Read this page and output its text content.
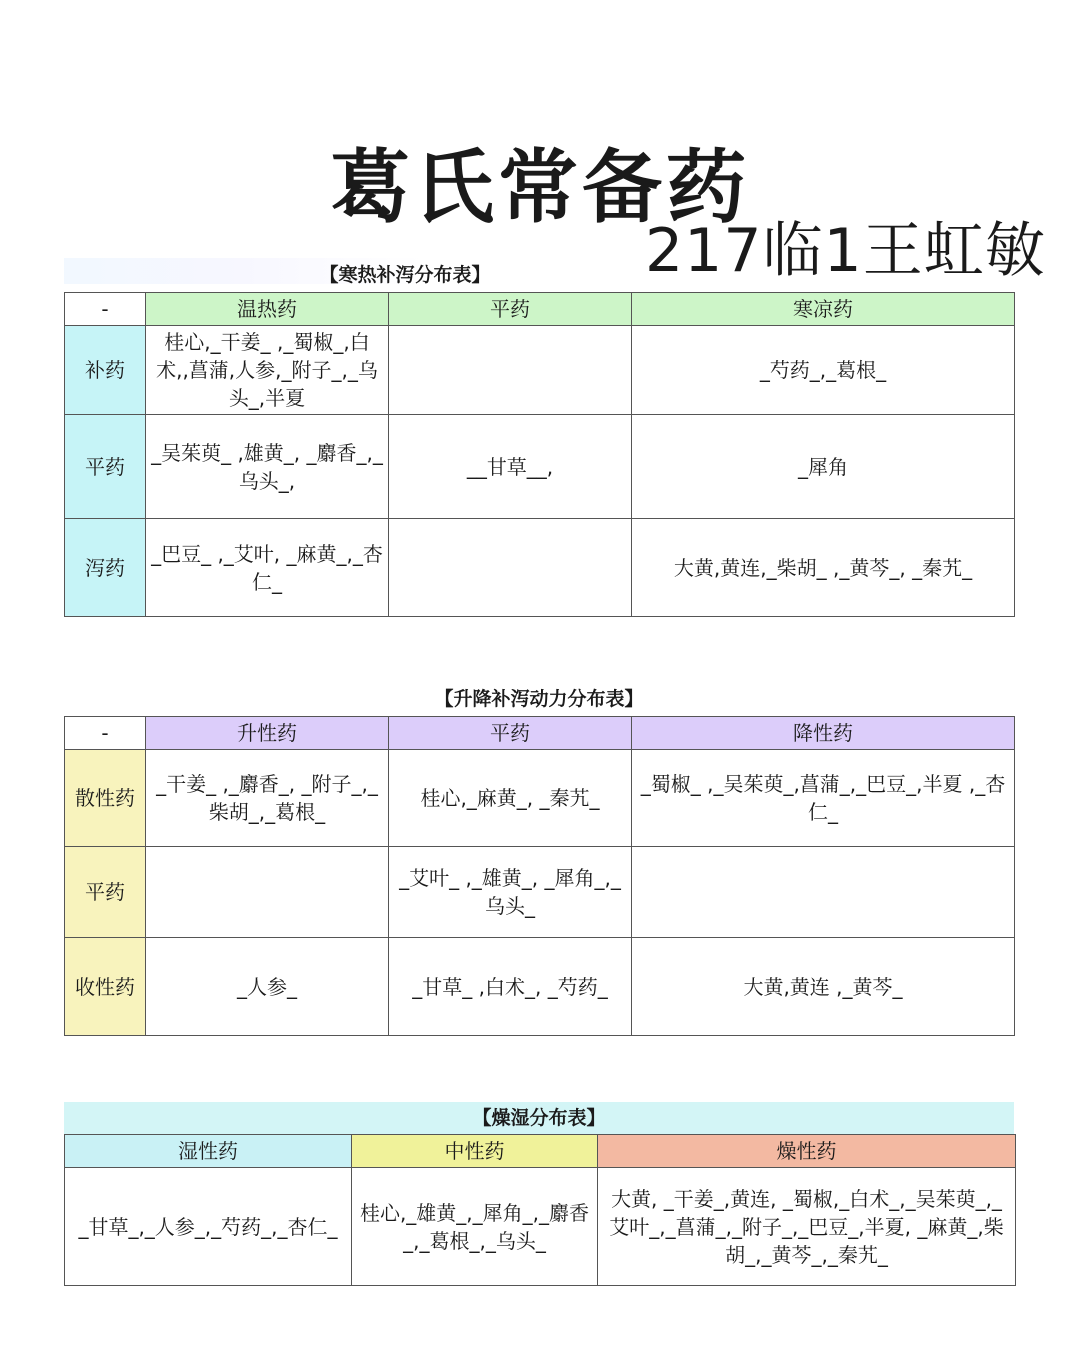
葛氏常备药
217临1王虹敏
【寒热补泻分布表】
-	温热药	平药	寒凉药
补药	桂心,_干姜_ ,_蜀椒_,白术,,菖蒲,人参,_附子_,_乌头_,半夏		_芍药_,_葛根_
平药	_吴茱萸_ ,雄黄_, _麝香_,_乌头_,	__甘草__,	_犀角
泻药	_巴豆_ ,_艾叶, _麻黄_,_杏仁_		大黄,黄连,_柴胡_ ,_黄芩_, _秦艽_
【升降补泻动力分布表】
-	升性药	平药	降性药
散性药	_干姜_ ,_麝香_, _附子_,_柴胡_,_葛根_	桂心,_麻黄_, _秦艽_	_蜀椒_ ,_吴茱萸_,菖蒲_,_巴豆_,半夏 ,_杏仁_
平药		_艾叶_ ,_雄黄_, _犀角_,_乌头_	
收性药	_人参_	_甘草_ ,白术_, _芍药_	大黄,黄连 ,_黄芩_
【燥湿分布表】
湿性药	中性药	燥性药
_甘草_,_人参_,_芍药_,_杏仁_	桂心,_雄黄_,_犀角_,_麝香_,_葛根_,_乌头_	大黄, _干姜_,黄连, _蜀椒,_白术_,_吴茱萸_,_艾叶_,_菖蒲_,_附子_,_巴豆_,半夏, _麻黄_,柴胡_,_黄芩_,_秦艽_
